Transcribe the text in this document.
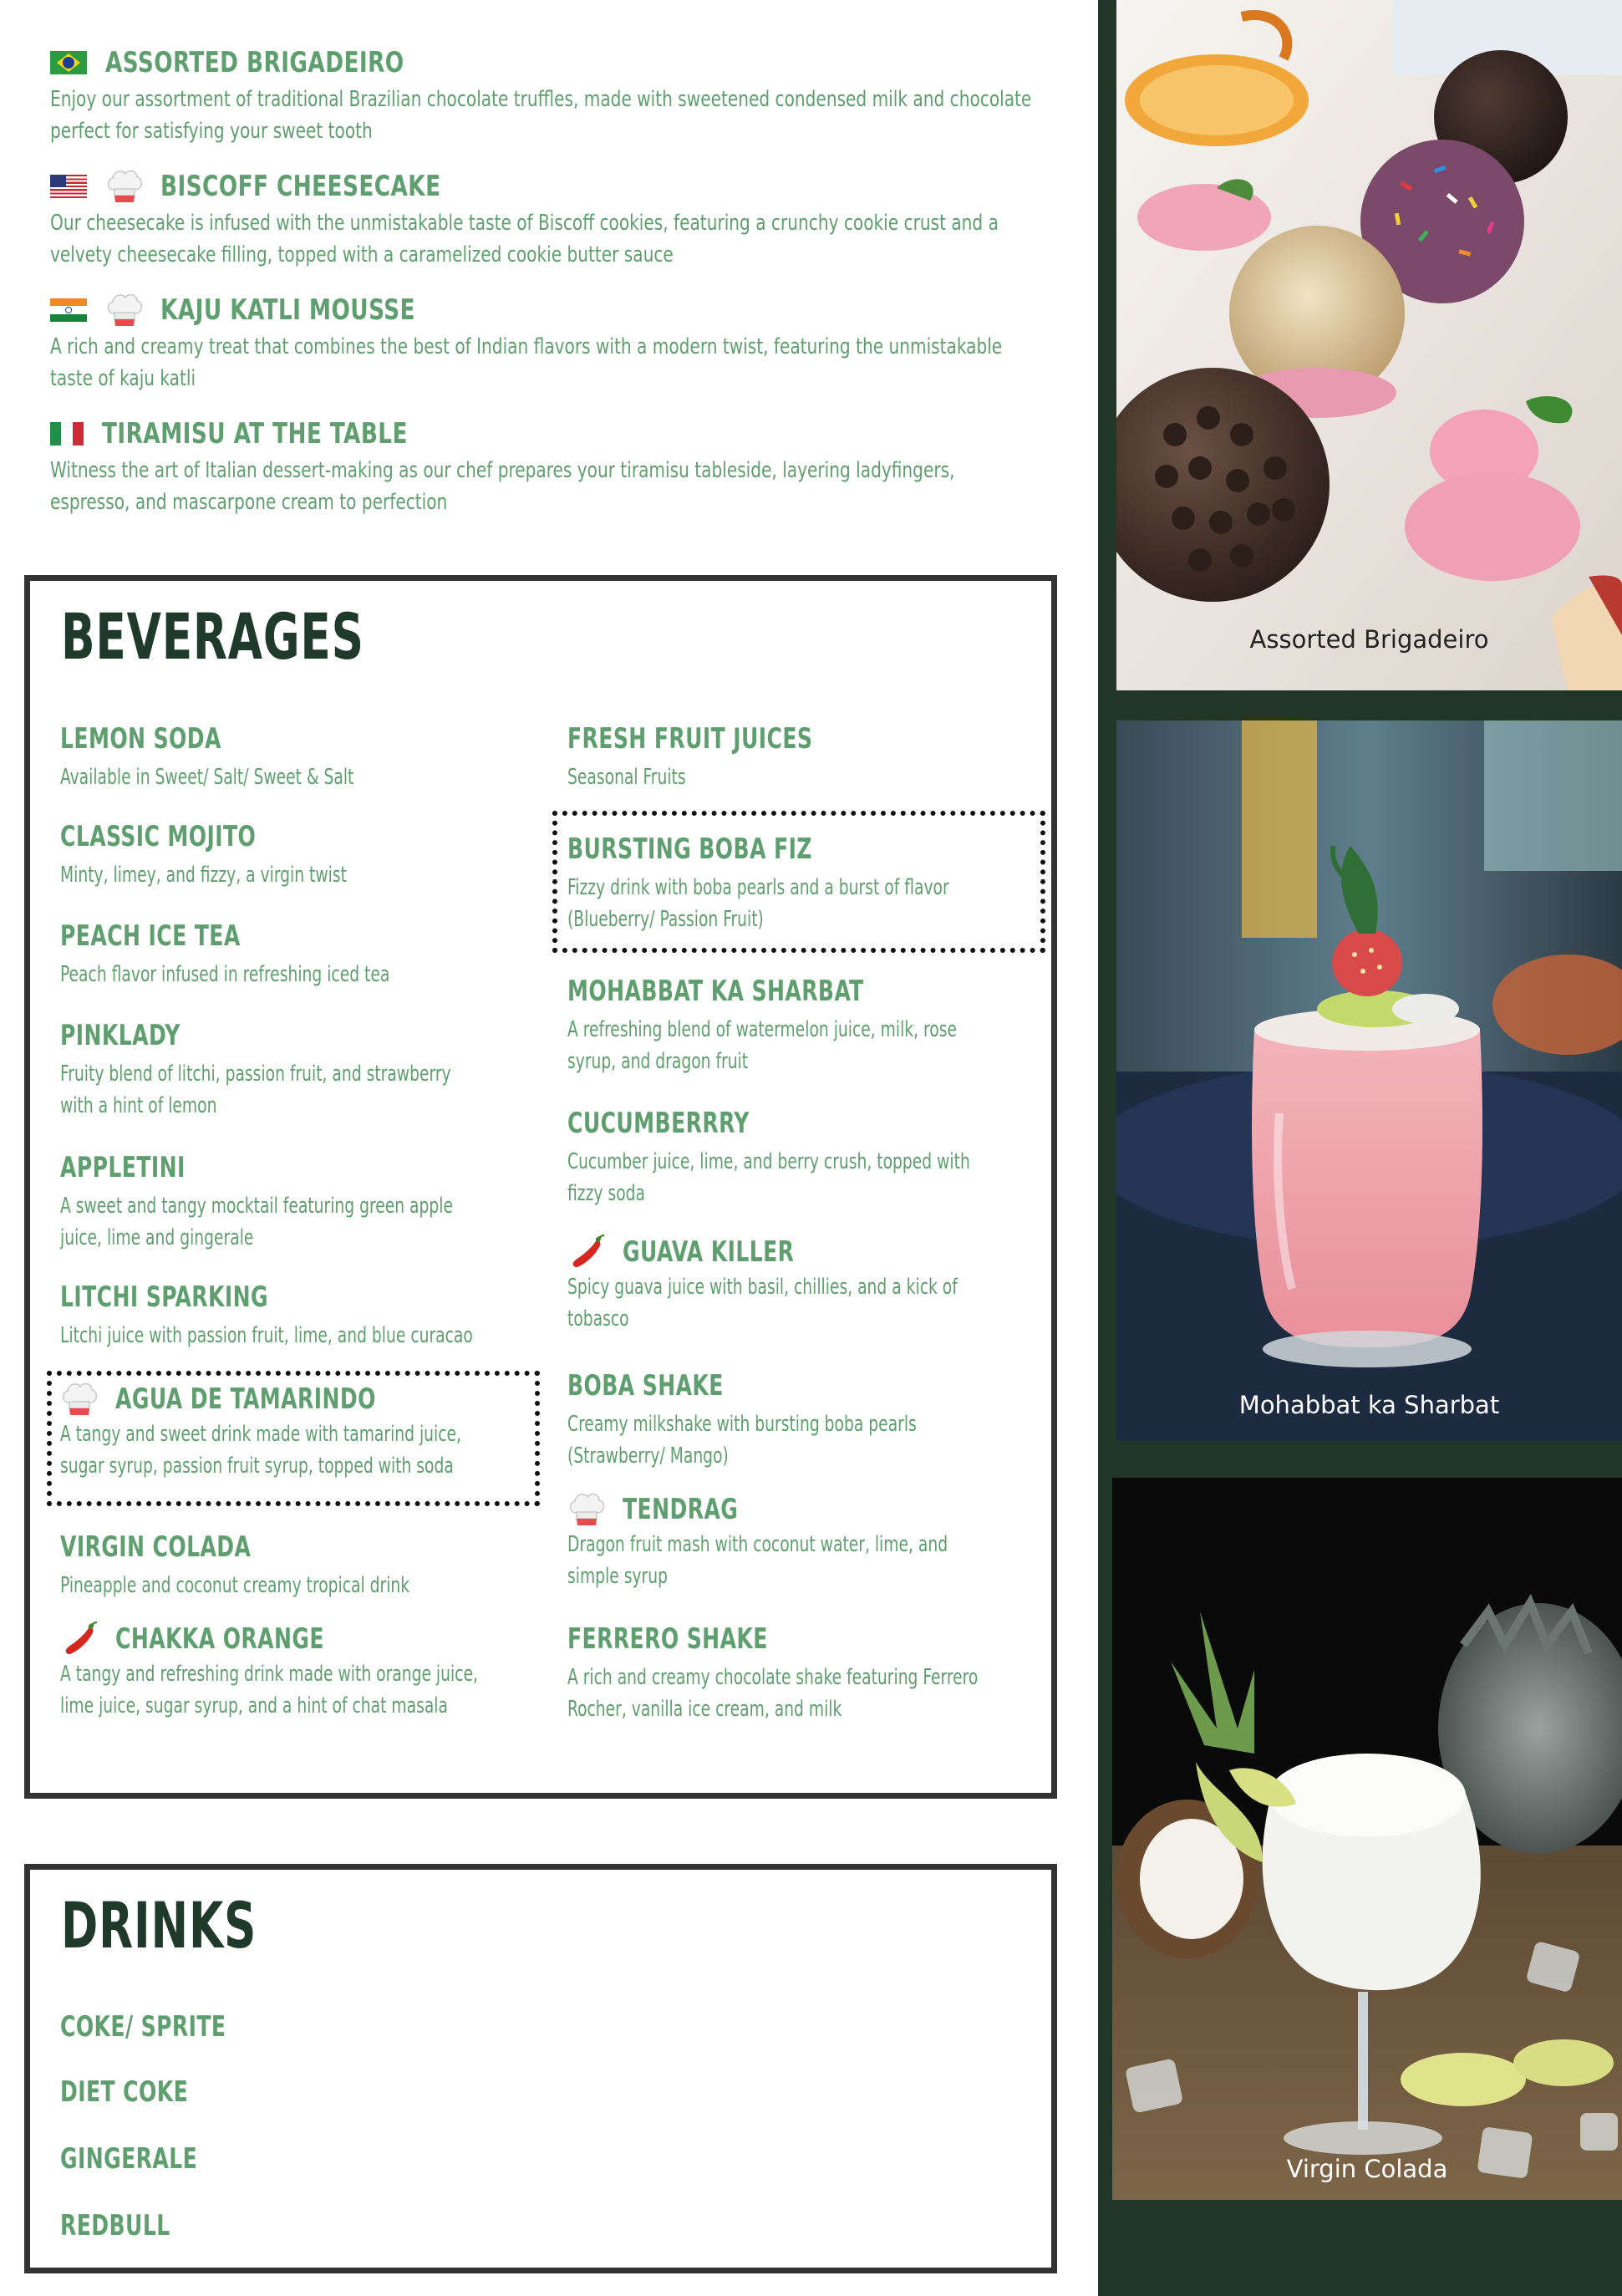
ASSORTED BRIGADEIRO
Enjoy our assortment of traditional Brazilian chocolate truffles, made with sweetened condensed milk and chocolate
perfect for satisfying your sweet tooth
BISCOFF CHEESECAKE
Our cheesecake is infused with the unmistakable taste of Biscoff cookies, featuring a crunchy cookie crust and a
velvety cheesecake filling, topped with a caramelized cookie butter sauce
KAJU KATLI MOUSSE
A rich and creamy treat that combines the best of Indian flavors with a modern twist, featuring the unmistakable
taste of kaju katli
TIRAMISU AT THE TABLE
Witness the art of Italian dessert-making as our chef prepares your tiramisu tableside, layering ladyfingers,
espresso, and mascarpone cream to perfection
BEVERAGES
LEMON SODA
Available in Sweet/ Salt/ Sweet & Salt
CLASSIC MOJITO
Minty, limey, and fizzy, a virgin twist
PEACH ICE TEA
Peach flavor infused in refreshing iced tea
PINKLADY
Fruity blend of litchi, passion fruit, and strawberry
with a hint of lemon
APPLETINI
A sweet and tangy mocktail featuring green apple
juice, lime and gingerale
LITCHI SPARKING
Litchi juice with passion fruit, lime, and blue curacao
AGUA DE TAMARINDO
A tangy and sweet drink made with tamarind juice,
sugar syrup, passion fruit syrup, topped with soda
VIRGIN COLADA
Pineapple and coconut creamy tropical drink
CHAKKA ORANGE
A tangy and refreshing drink made with orange juice,
lime juice, sugar syrup, and a hint of chat masala
FRESH FRUIT JUICES
Seasonal Fruits
BURSTING BOBA FIZ
Fizzy drink with boba pearls and a burst of flavor
(Blueberry/ Passion Fruit)
MOHABBAT KA SHARBAT
A refreshing blend of watermelon juice, milk, rose
syrup, and dragon fruit
CUCUMBERRRY
Cucumber juice, lime, and berry crush, topped with
fizzy soda
GUAVA KILLER
Spicy guava juice with basil, chillies, and a kick of
tobasco
BOBA SHAKE
Creamy milkshake with bursting boba pearls
(Strawberry/ Mango)
TENDRAG
Dragon fruit mash with coconut water, lime, and
simple syrup
FERRERO SHAKE
A rich and creamy chocolate shake featuring Ferrero
Rocher, vanilla ice cream, and milk
DRINKS
COKE/ SPRITE
DIET COKE
GINGERALE
REDBULL
Assorted Brigadeiro
Mohabbat ka Sharbat
Virgin Colada
